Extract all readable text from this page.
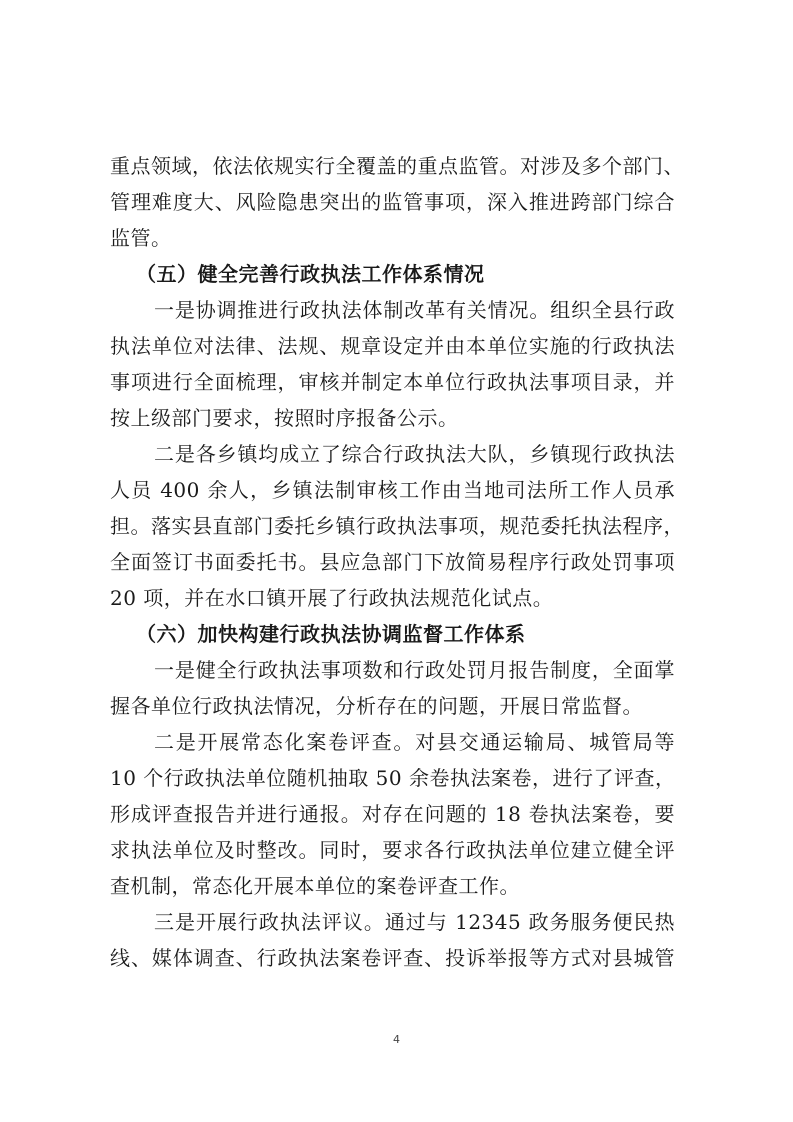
重点领域，依法依规实行全覆盖的重点监管。对涉及多个部门、
管理难度大、风险隐患突出的监管事项，深入推进跨部门综合
监管。
（五）健全完善行政执法工作体系情况
一是协调推进行政执法体制改革有关情况。组织全县行政
执法单位对法律、法规、规章设定并由本单位实施的行政执法
事项进行全面梳理，审核并制定本单位行政执法事项目录，并
按上级部门要求，按照时序报备公示。
二是各乡镇均成立了综合行政执法大队，乡镇现行政执法
人员 400 余人，乡镇法制审核工作由当地司法所工作人员承
担。落实县直部门委托乡镇行政执法事项，规范委托执法程序，
全面签订书面委托书。县应急部门下放简易程序行政处罚事项
20 项，并在水口镇开展了行政执法规范化试点。
（六）加快构建行政执法协调监督工作体系
一是健全行政执法事项数和行政处罚月报告制度，全面掌
握各单位行政执法情况，分析存在的问题，开展日常监督。
二是开展常态化案卷评查。对县交通运输局、城管局等
10 个行政执法单位随机抽取 50 余卷执法案卷，进行了评查，
形成评查报告并进行通报。对存在问题的 18 卷执法案卷，要
求执法单位及时整改。同时，要求各行政执法单位建立健全评
查机制，常态化开展本单位的案卷评查工作。
三是开展行政执法评议。通过与 12345 政务服务便民热
线、媒体调查、行政执法案卷评查、投诉举报等方式对县城管
4
